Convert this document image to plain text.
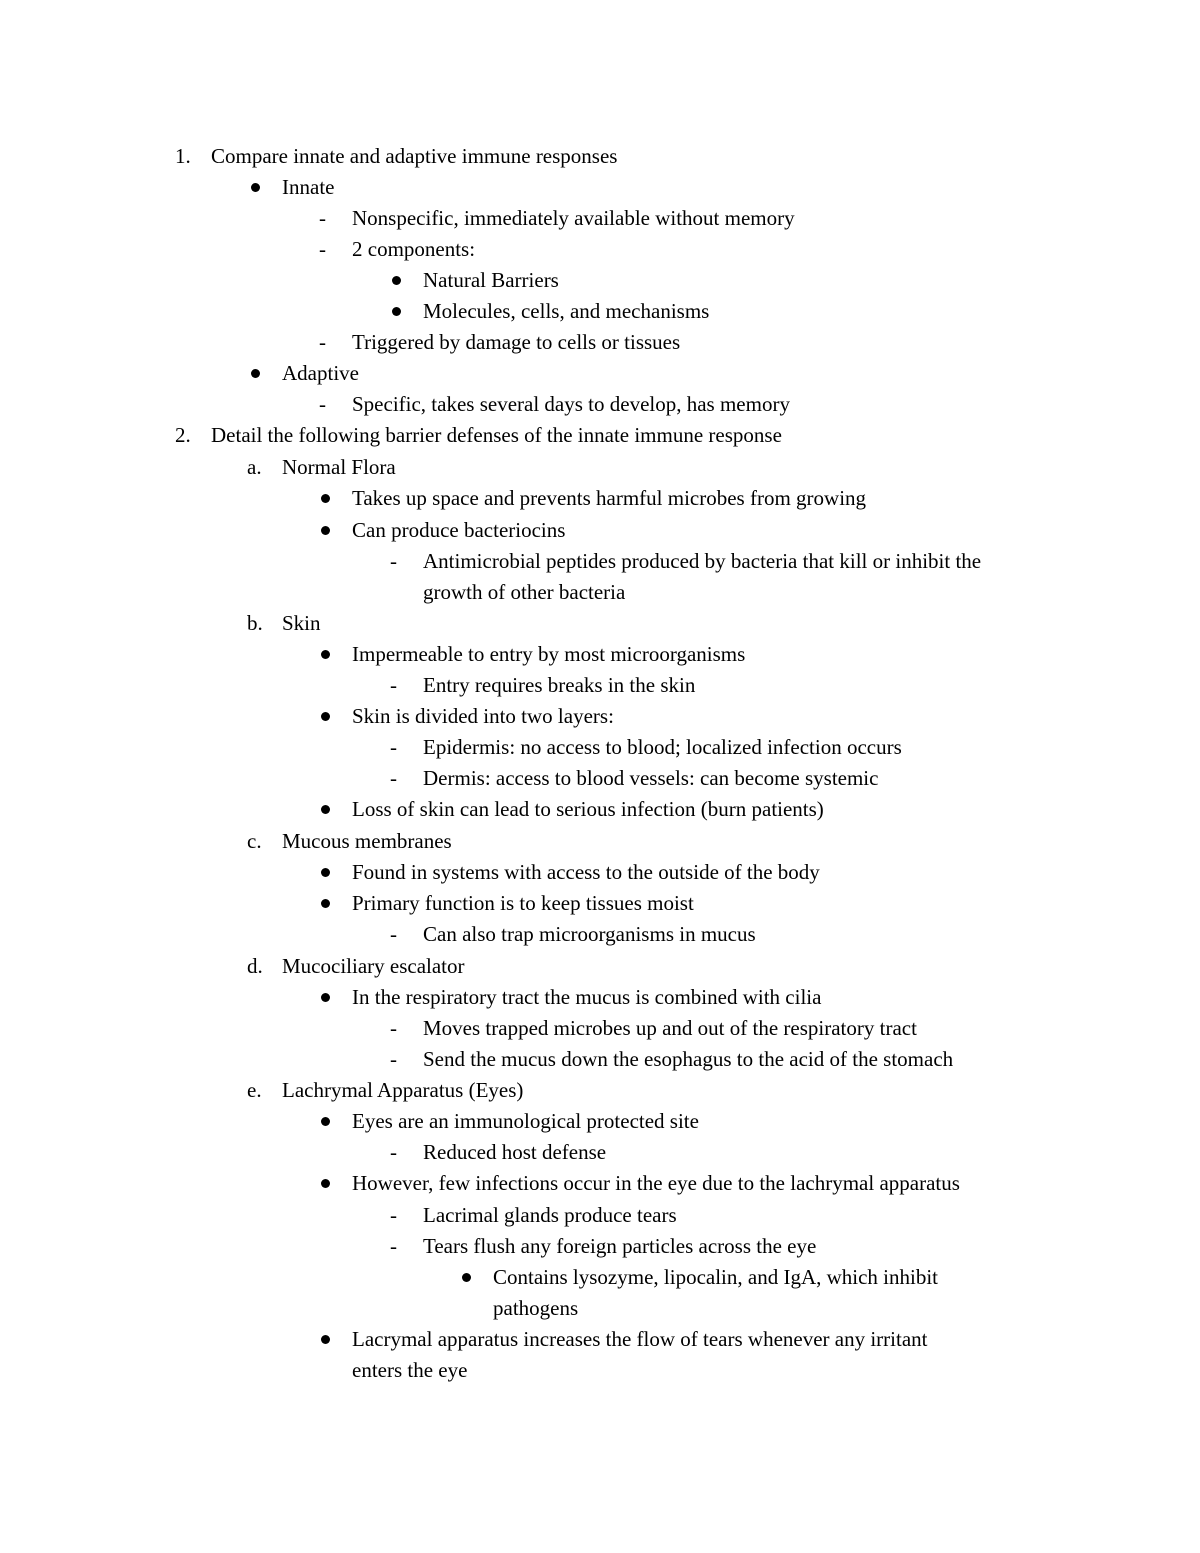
1. Compare innate and adaptive immune responses
Innate
- Nonspecific, immediately available without memory
- 2 components:
Natural Barriers
Molecules, cells, and mechanisms
- Triggered by damage to cells or tissues
Adaptive
- Specific, takes several days to develop, has memory
2. Detail the following barrier defenses of the innate immune response
a. Normal Flora
Takes up space and prevents harmful microbes from growing
Can produce bacteriocins
- Antimicrobial peptides produced by bacteria that kill or inhibit the
growth of other bacteria
b. Skin
Impermeable to entry by most microorganisms
- Entry requires breaks in the skin
Skin is divided into two layers:
- Epidermis: no access to blood; localized infection occurs
- Dermis: access to blood vessels: can become systemic
Loss of skin can lead to serious infection (burn patients)
c. Mucous membranes
Found in systems with access to the outside of the body
Primary function is to keep tissues moist
- Can also trap microorganisms in mucus
d. Mucociliary escalator
In the respiratory tract the mucus is combined with cilia
- Moves trapped microbes up and out of the respiratory tract
- Send the mucus down the esophagus to the acid of the stomach
e. Lachrymal Apparatus (Eyes)
Eyes are an immunological protected site
- Reduced host defense
However, few infections occur in the eye due to the lachrymal apparatus
- Lacrimal glands produce tears
- Tears flush any foreign particles across the eye
Contains lysozyme, lipocalin, and IgA, which inhibit
pathogens
Lacrymal apparatus increases the flow of tears whenever any irritant
enters the eye
